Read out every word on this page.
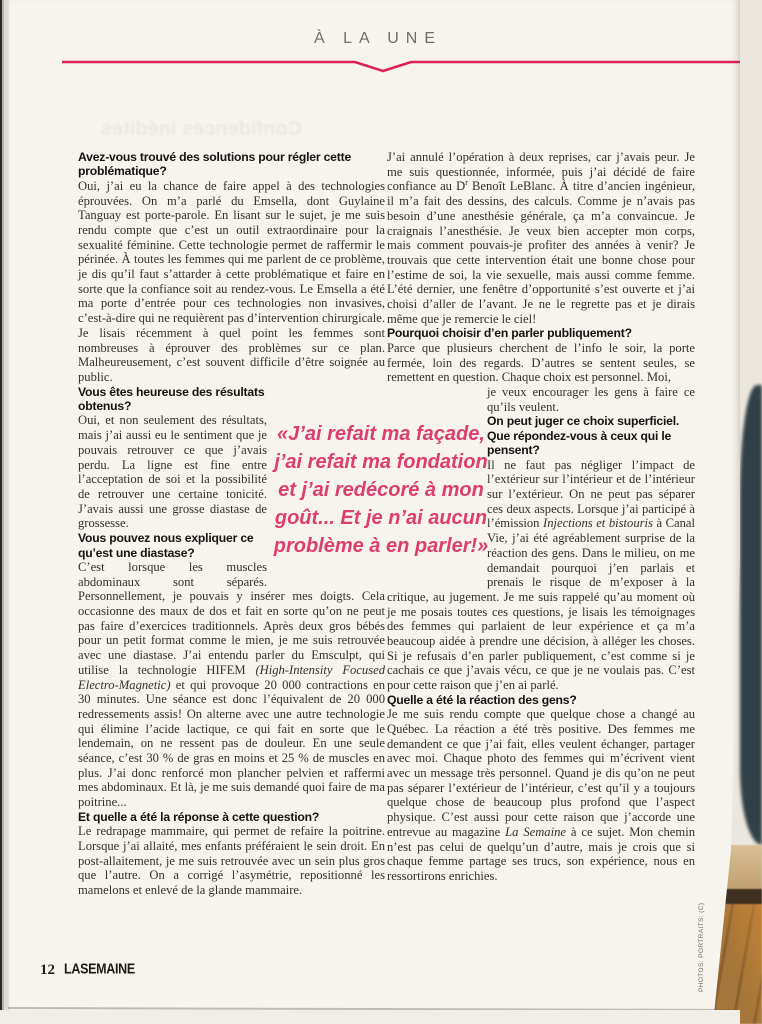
Confidences inédites
À LA UNE
Avez-vous trouvé des solutions pour régler cette problématique?

Oui, j’ai eu la chance de faire appel à des technologies éprouvées. On m’a parlé du Emsella, dont Guylaine Tanguay est porte-parole. En lisant sur le sujet, je me suis rendu compte que c’est un outil extraordinaire pour la sexualité féminine. Cette technologie permet de raffermir le périnée. À toutes les femmes qui me parlent de ce problème, je dis qu’il faut s’attarder à cette problématique et faire en sorte que la confiance soit au rendez-vous. Le Emsella a été ma porte d’entrée pour ces technologies non invasives, c’est-à-dire qui ne requièrent pas d’intervention chirurgicale. Je lisais récemment à quel point les femmes sont nombreuses à éprouver des problèmes sur ce plan. Malheureusement, c’est souvent difficile d’être soignée au public.

Vous êtes heureuse des résultats obtenus?

Oui, et non seulement des résultats, mais j’ai aussi eu le sentiment que je pouvais retrouver ce que j’avais perdu. La ligne est fine entre l’acceptation de soi et la possibilité de retrouver une certaine tonicité. J’avais aussi une grosse diastase de grossesse.

Vous pouvez nous expliquer ce qu’est une diastase?

C’est lorsque les muscles abdominaux sont séparés. Personnellement, je pouvais y insérer mes doigts. Cela occasionne des maux de dos et fait en sorte qu’on ne peut pas faire d’exercices traditionnels. Après deux gros bébés pour un petit format comme le mien, je me suis retrouvée avec une diastase. J’ai entendu parler du Emsculpt, qui utilise la technologie HIFEM (High-Intensity Focused Electro-Magnetic) et qui provoque 20 000 contractions en 30 minutes. Une séance est donc l’équivalent de 20 000 redressements assis! On alterne avec une autre technologie qui élimine l’acide lactique, ce qui fait en sorte que le lendemain, on ne ressent pas de douleur. En une seule séance, c’est 30 % de gras en moins et 25 % de muscles en plus. J’ai donc renforcé mon plancher pelvien et raffermi mes abdominaux. Et là, je me suis demandé quoi faire de ma poitrine...

Et quelle a été la réponse à cette question?

Le redrapage mammaire, qui permet de refaire la poitrine. Lorsque j’ai allaité, mes enfants préféraient le sein droit. En post-allaitement, je me suis retrouvée avec un sein plus gros que l’autre. On a corrigé l’asymétrie, repositionné les mamelons et enlevé de la glande mammaire.

J’ai annulé l’opération à deux reprises, car j’avais peur. Je me suis questionnée, informée, puis j’ai décidé de faire confiance au $D^r$ Benoît LeBlanc. À titre d’ancien ingénieur, il m’a fait des dessins, des calculs. Comme je n’avais pas besoin d’une anesthésie générale, ça m’a convaincue. Je craignais l’anesthésie. Je veux bien accepter mon corps, mais comment pouvais-je profiter des années à venir? Je trouvais que cette intervention était une bonne chose pour l’estime de soi, la vie sexuelle, mais aussi comme femme. L’été dernier, une fenêtre d’opportunité s’est ouverte et j’ai choisi d’aller de l’avant. Je ne le regrette pas et je dirais même que je remercie le ciel!

Pourquoi choisir d’en parler publiquement?

Parce que plusieurs cherchent de l’info le soir, la porte fermée, loin des regards. D’autres se sentent seules, se remettent en question. Chaque choix est personnel. Moi,

je veux encourager les gens à faire ce qu’ils veulent.

On peut juger ce choix superficiel. Que répondez-vous à ceux qui le pensent?

Il ne faut pas négliger l’impact de l’extérieur sur l’intérieur et de l’intérieur sur l’extérieur. On ne peut pas séparer ces deux aspects. Lorsque j’ai participé à l’émission Injections et bistouris à Canal Vie, j’ai été agréablement surprise de la réaction des gens. Dans le milieu, on me demandait pourquoi j’en parlais et prenais le risque de m’exposer à la critique, au jugement. Je me suis rappelé qu’au moment où je me posais toutes ces questions, je lisais les témoignages des femmes qui parlaient de leur expérience et ça m’a beaucoup aidée à prendre une décision, à alléger les choses. Si je refusais d’en parler publiquement, c’est comme si je cachais ce que j’avais vécu, ce que je ne voulais pas. C’est pour cette raison que j’en ai parlé.

Quelle a été la réaction des gens?

Je me suis rendu compte que quelque chose a changé au Québec. La réaction a été très positive. Des femmes me demandent ce que j’ai fait, elles veulent échanger, partager avec moi. Chaque photo des femmes qui m’écrivent vient avec un message très personnel. Quand je dis qu’on ne peut pas séparer l’extérieur de l’intérieur, c’est qu’il y a toujours quelque chose de beaucoup plus profond que l’aspect physique. C’est aussi pour cette raison que j’accorde une entrevue au magazine La Semaine à ce sujet. Mon chemin n’est pas celui de quelqu’un d’autre, mais je crois que si chaque femme partage ses trucs, son expérience, nous en ressortirons enrichies.

«J’ai refait ma façade, j’ai refait ma fondation et j’ai redécoré à mon goût... Et je n’ai aucun problème à en parler!»
12 LASEMAINE	PHOTOS: PORTRAITS: (C)
